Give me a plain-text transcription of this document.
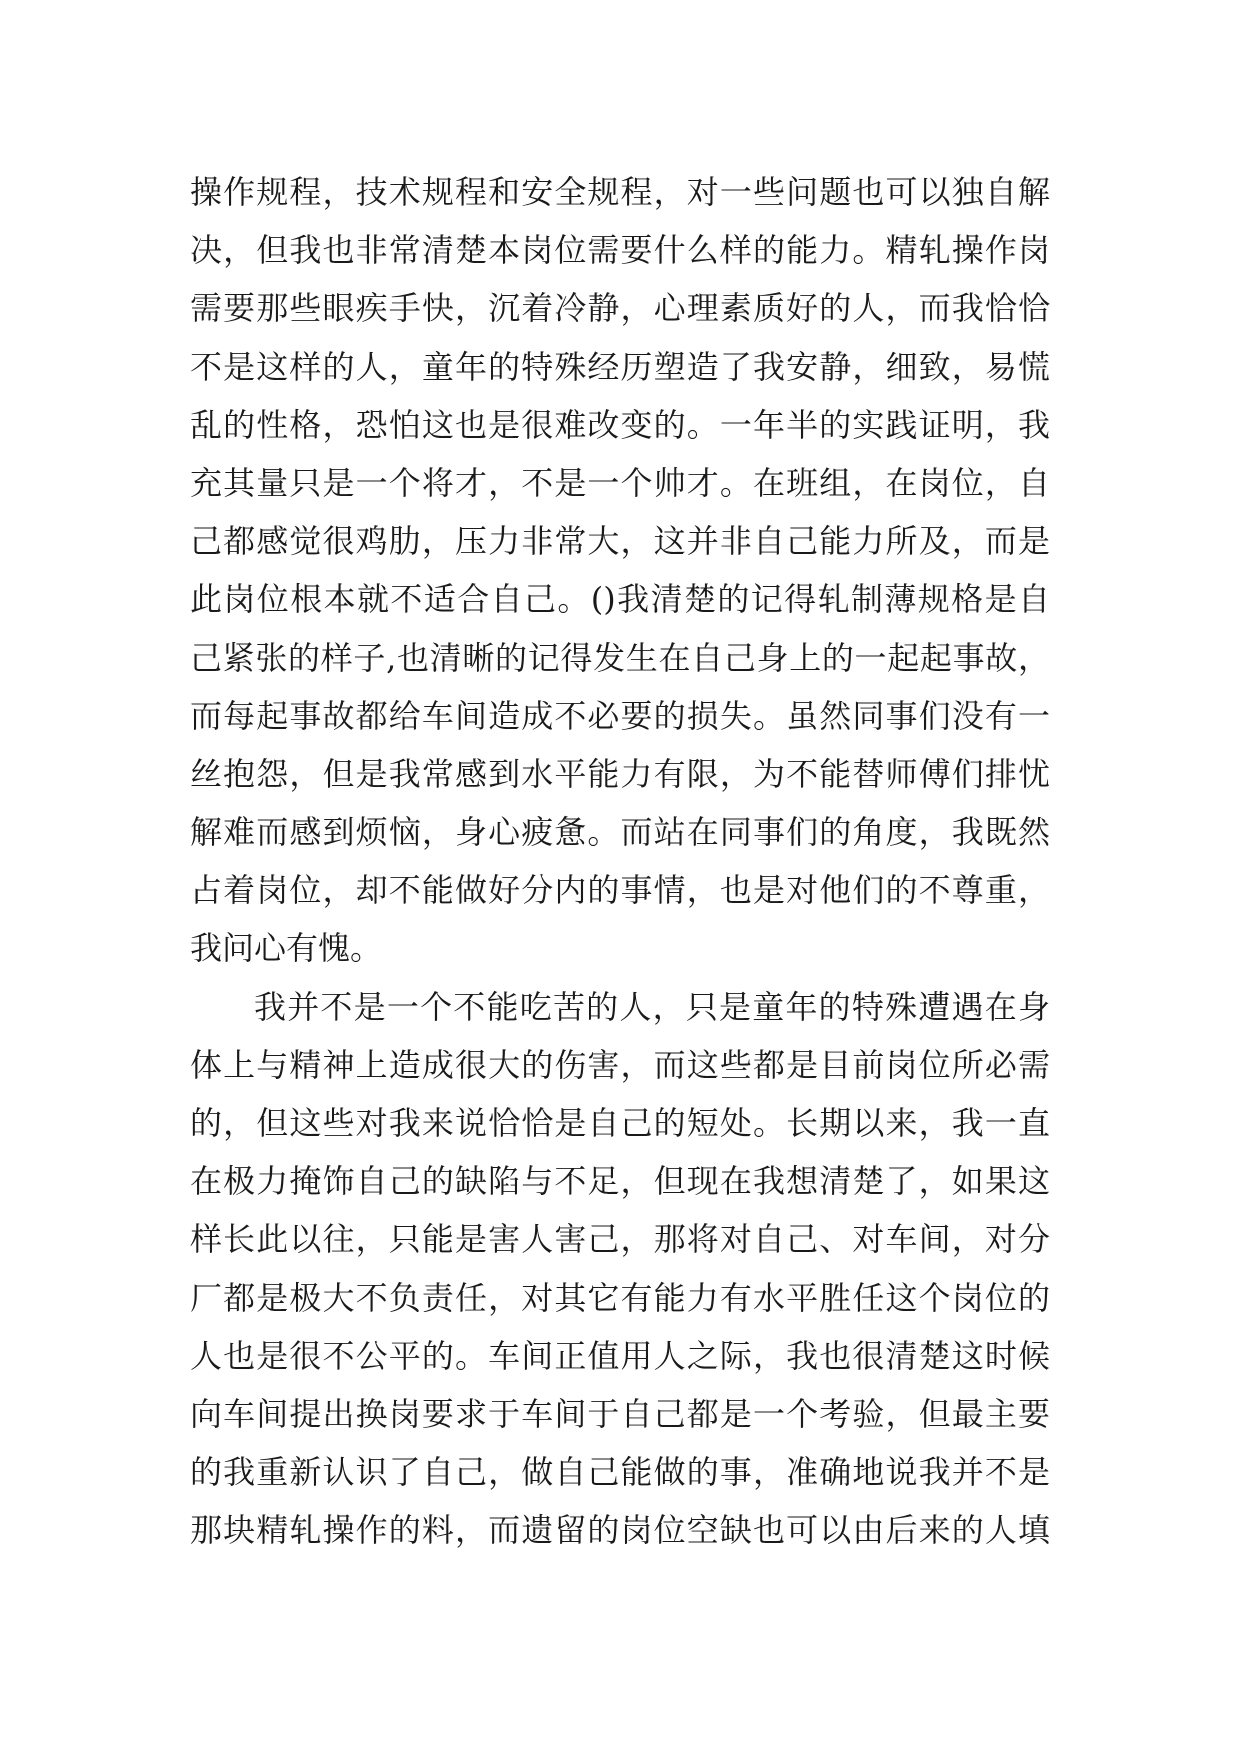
操作规程，技术规程和安全规程，对一些问题也可以独自解
决，但我也非常清楚本岗位需要什么样的能力。精轧操作岗
需要那些眼疾手快，沉着冷静，心理素质好的人，而我恰恰
不是这样的人，童年的特殊经历塑造了我安静，细致，易慌
乱的性格，恐怕这也是很难改变的。一年半的实践证明，我
充其量只是一个将才，不是一个帅才。在班组，在岗位，自
己都感觉很鸡肋，压力非常大，这并非自己能力所及，而是
此岗位根本就不适合自己。()我清楚的记得轧制薄规格是自
己紧张的样子,也清晰的记得发生在自己身上的一起起事故，
而每起事故都给车间造成不必要的损失。虽然同事们没有一
丝抱怨，但是我常感到水平能力有限，为不能替师傅们排忧
解难而感到烦恼，身心疲惫。而站在同事们的角度，我既然
占着岗位，却不能做好分内的事情，也是对他们的不尊重，
我问心有愧。
我并不是一个不能吃苦的人，只是童年的特殊遭遇在身
体上与精神上造成很大的伤害，而这些都是目前岗位所必需
的，但这些对我来说恰恰是自己的短处。长期以来，我一直
在极力掩饰自己的缺陷与不足，但现在我想清楚了，如果这
样长此以往，只能是害人害己，那将对自己、对车间，对分
厂都是极大不负责任，对其它有能力有水平胜任这个岗位的
人也是很不公平的。车间正值用人之际，我也很清楚这时候
向车间提出换岗要求于车间于自己都是一个考验，但最主要
的我重新认识了自己，做自己能做的事，准确地说我并不是
那块精轧操作的料，而遗留的岗位空缺也可以由后来的人填
